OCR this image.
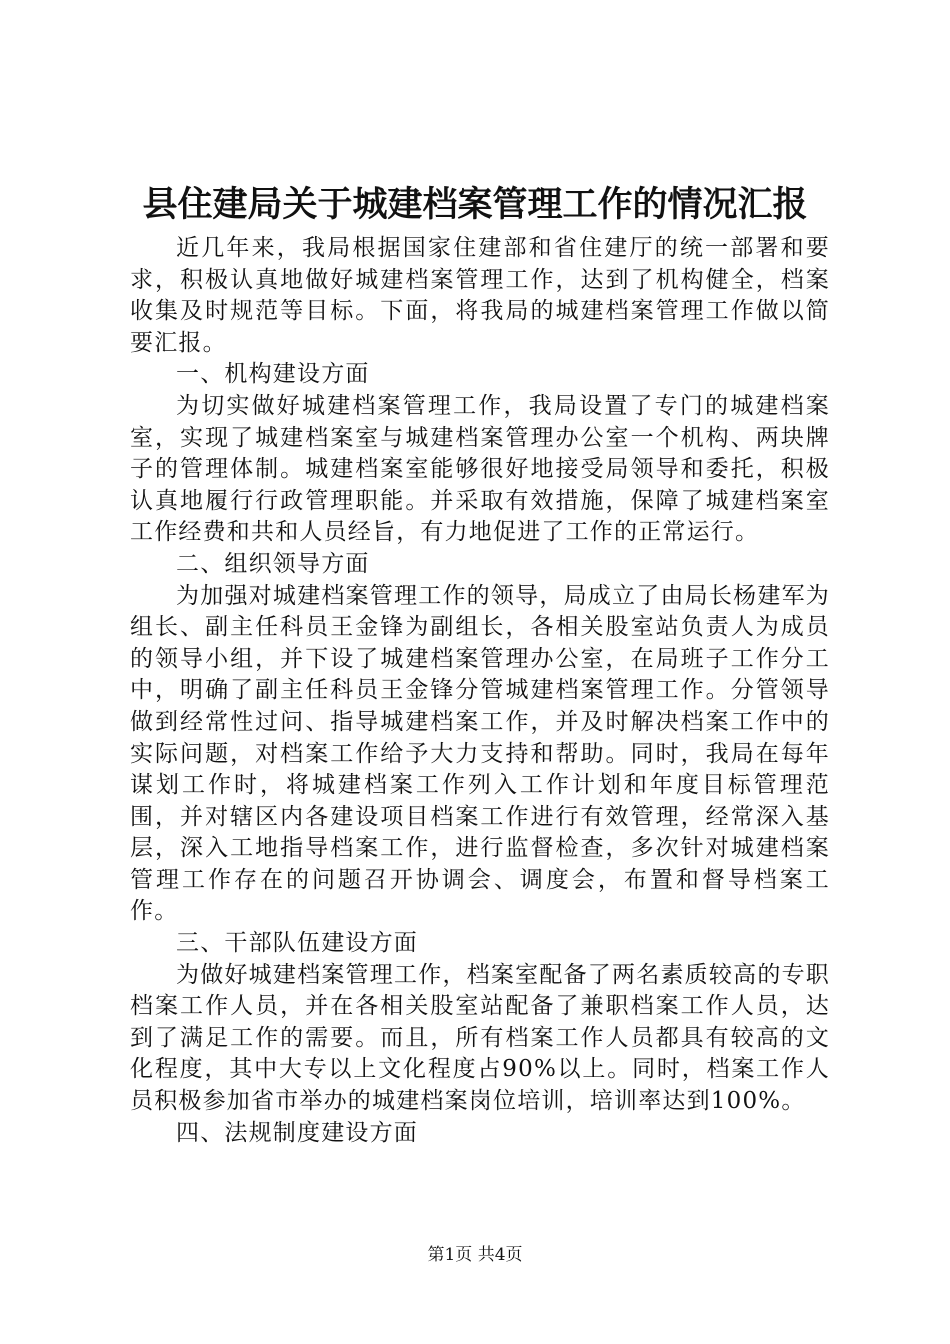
县住建局关于城建档案管理工作的情况汇报

近几年来，我局根据国家住建部和省住建厅的统一部署和要求，积极认真地做好城建档案管理工作，达到了机构健全，档案收集及时规范等目标。下面，将我局的城建档案管理工作做以简要汇报。

一、机构建设方面

为切实做好城建档案管理工作，我局设置了专门的城建档案室，实现了城建档案室与城建档案管理办公室一个机构、两块牌子的管理体制。城建档案室能够很好地接受局领导和委托，积极认真地履行行政管理职能。并采取有效措施，保障了城建档案室工作经费和共和人员经旨，有力地促进了工作的正常运行。

二、组织领导方面

为加强对城建档案管理工作的领导，局成立了由局长杨建军为组长、副主任科员王金锋为副组长，各相关股室站负责人为成员的领导小组，并下设了城建档案管理办公室，在局班子工作分工中，明确了副主任科员王金锋分管城建档案管理工作。分管领导做到经常性过问、指导城建档案工作，并及时解决档案工作中的实际问题，对档案工作给予大力支持和帮助。同时，我局在每年谋划工作时，将城建档案工作列入工作计划和年度目标管理范围，并对辖区内各建设项目档案工作进行有效管理，经常深入基层，深入工地指导档案工作，进行监督检查，多次针对城建档案管理工作存在的问题召开协调会、调度会，布置和督导档案工作。

三、干部队伍建设方面

为做好城建档案管理工作，档案室配备了两名素质较高的专职档案工作人员，并在各相关股室站配备了兼职档案工作人员，达到了满足工作的需要。而且，所有档案工作人员都具有较高的文化程度，其中大专以上文化程度占90%以上。同时，档案工作人员积极参加省市举办的城建档案岗位培训，培训率达到100%。

四、法规制度建设方面

第1页 共4页
